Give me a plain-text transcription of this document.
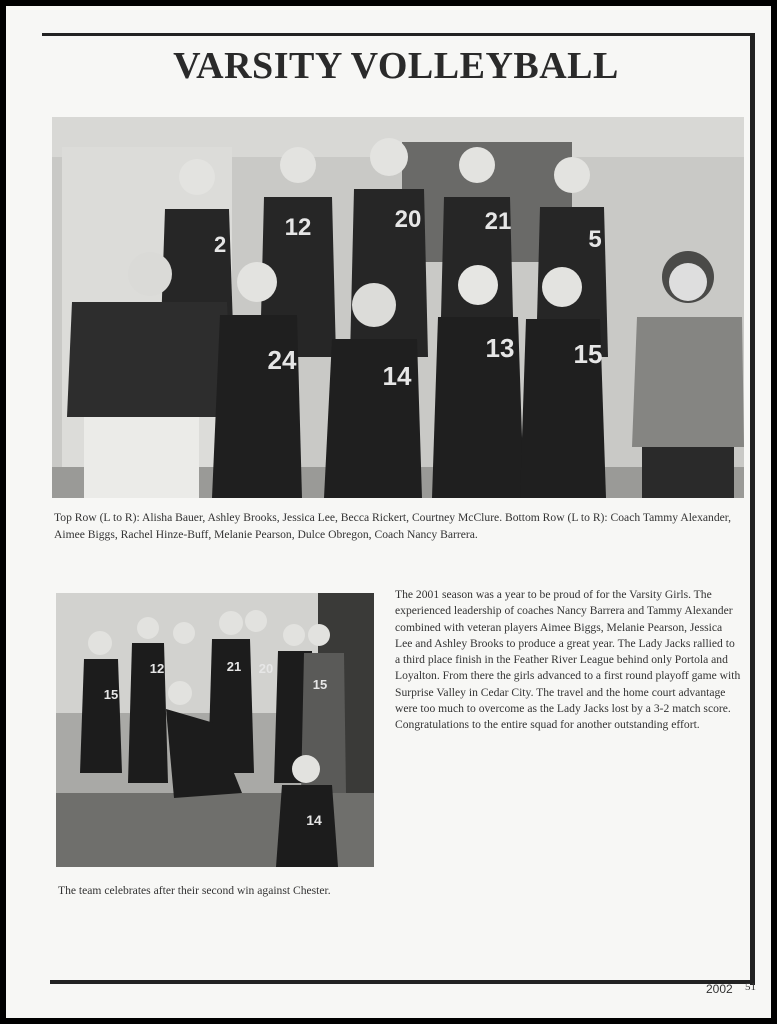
VARSITY VOLLEYBALL
2
12	20	21
5
24
14
13 15
Top Row (L to R): Alisha Bauer, Ashley Brooks, Jessica Lee, Becca Rickert, Courtney McClure. Bottom Row (L to R): Coach Tammy Alexander, Aimee Biggs, Rachel Hinze-Buff, Melanie Pearson, Dulce Obregon, Coach Nancy Barrera.
15
12	20
21
15
14
The team celebrates after their second win against Chester.
The 2001 season was a year to be proud of for the Varsity Girls. The experienced leadership of coaches Nancy Barrera and Tammy Alexander combined with veteran players Aimee Biggs, Melanie Pearson, Jessica Lee and Ashley Brooks to produce a great year. The Lady Jacks rallied to a third place finish in the Feather River League behind only Portola and Loyalton. From there the girls advanced to a first round playoff game with Surprise Valley in Cedar City. The travel and the home court advantage were too much to overcome as the Lady Jacks lost by a 3-2 match score. Congratulations to the entire squad for another outstanding effort.
2002 51
